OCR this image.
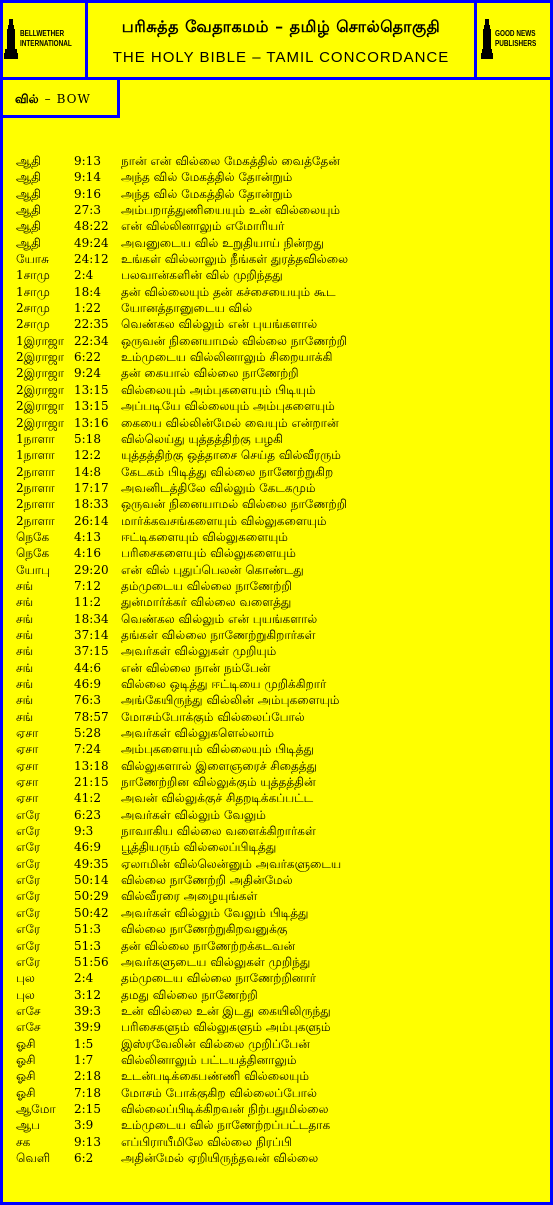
BELLWETHER
INTERNATIONAL
பரிசுத்த வேதாகமம் – தமிழ் சொல்தொகுதி
THE HOLY BIBLE – TAMIL CONCORDANCE
GOOD NEWS
PUBLISHERS
வில் – BOW
ஆதி	9:13	நான் என் வில்லை மேகத்தில் வைத்தேன்
ஆதி	9:14	அந்த வில் மேகத்தில் தோன்றும்
ஆதி	9:16	அந்த வில் மேகத்தில் தோன்றும்
ஆதி	27:3	அம்பறாத்துணியையும் உன் வில்லையும்
ஆதி	48:22	என் வில்லினாலும் எமோரியர்
ஆதி	49:24	அவனுடைய வில் உறுதியாய் நின்றது
யோசு	24:12	உங்கள் வில்லாலும் நீங்கள் துரத்தவில்லை
1சாமு	2:4	பலவான்களின் வில் முறிந்தது
1சாமு	18:4	தன் வில்லையும் தன் கச்சையையும் கூட
2சாமு	1:22	யோனத்தானுடைய வில்
2சாமு	22:35	வெண்கல வில்லும் என் புயங்களால்
1இராஜா 22:34	ஒருவன் நினையாமல் வில்லை நாணேற்றி
2இராஜா 6:22	உம்முடைய வில்லினாலும் சிறையாக்கி
2இராஜா 9:24	தன் கையால் வில்லை நாணேற்றி
2இராஜா 13:15	வில்லையும் அம்புகளையும் பிடியும்
2இராஜா 13:15	அப்படியே வில்லையும் அம்புகளையும்
2இராஜா 13:16	கையை வில்லின்மேல் வையும் என்றான்
1நாளா	5:18	வில்லெய்து யுத்தத்திற்கு பழகி
1நாளா	12:2	யுத்தத்திற்கு ஒத்தாசை செய்த வில்வீரரும்
2நாளா	14:8	கேடகம் பிடித்து வில்லை நாணேற்றுகிற
2நாளா	17:17	அவனிடத்திலே வில்லும் கேடகமும்
2நாளா	18:33	ஒருவன் நினையாமல் வில்லை நாணேற்றி
2நாளா	26:14	மார்க்கவசங்களையும் வில்லுகளையும்
நெகே	4:13	ஈட்டிகளையும் வில்லுகளையும்
நெகே	4:16	பரிசைகளையும் வில்லுகளையும்
யோபு	29:20	என் வில் புதுப்பெலன் கொண்டது
சங்	7:12	தம்முடைய வில்லை நாணேற்றி
சங்	11:2	துன்மார்க்கர் வில்லை வளைத்து
சங்	18:34	வெண்கல வில்லும் என் புயங்களால்
சங்	37:14	தங்கள் வில்லை நாணேற்றுகிறார்கள்
சங்	37:15	அவர்கள் வில்லுகள் முறியும்
சங்	44:6	என் வில்லை நான் நம்பேன்
சங்	46:9	வில்லை ஒடித்து ஈட்டியை முறிக்கிறார்
சங்	76:3	அங்கேயிருந்து வில்லின் அம்புகளையும்
சங்	78:57	மோசம்போக்கும் வில்லைப்போல்
ஏசா	5:28	அவர்கள் வில்லுகளெல்லாம்
ஏசா	7:24	அம்புகளையும் வில்லையும் பிடித்து
ஏசா	13:18	வில்லுகளால் இளைஞரைச் சிதைத்து
ஏசா	21:15	நாணேற்றின வில்லுக்கும் யுத்தத்தின்
ஏசா	41:2	அவன் வில்லுக்குச் சிதறடிக்கப்பட்ட
எரே	6:23	அவர்கள் வில்லும் வேலும்
எரே	9:3	நாவாகிய வில்லை வளைக்கிறார்கள்
எரே	46:9	பூத்தியரும் வில்லைப்பிடித்து
எரே	49:35	ஏலாமின் வில்லென்னும் அவர்களுடைய
எரே	50:14	வில்லை நாணேற்றி அதின்மேல்
எரே	50:29	வில்வீரரை அழையுங்கள்
எரே	50:42	அவர்கள் வில்லும் வேலும் பிடித்து
எரே	51:3	வில்லை நாணேற்றுகிறவனுக்கு
எரே	51:3	தன் வில்லை நாணேற்றக்கடவன்
எரே	51:56	அவர்களுடைய வில்லுகள் முறிந்து
புல	2:4	தம்முடைய வில்லை நாணேற்றினார்
புல	3:12	தமது வில்லை நாணேற்றி
எசே	39:3	உன் வில்லை உன் இடது கையிலிருந்து
எசே	39:9	பரிசைகளும் வில்லுகளும் அம்புகளும்
ஓசி	1:5	இஸ்ரவேலின் வில்லை முறிப்பேன்
ஓசி	1:7	வில்லினாலும் பட்டயத்தினாலும்
ஓசி	2:18	உடன்படிக்கைபண்ணி வில்லையும்
ஓசி	7:18	மோசம் போக்குகிற வில்லைப்போல்
ஆமோ	2:15	வில்லைப்பிடிக்கிறவன் நிற்பதுமில்லை
ஆப	3:9	உம்முடைய வில் நாணேற்றப்பட்டதாக
சக	9:13	எப்பிராயீமிலே வில்லை நிரப்பி
வெளி	6:2	அதின்மேல் ஏறியிருந்தவன் வில்லை
